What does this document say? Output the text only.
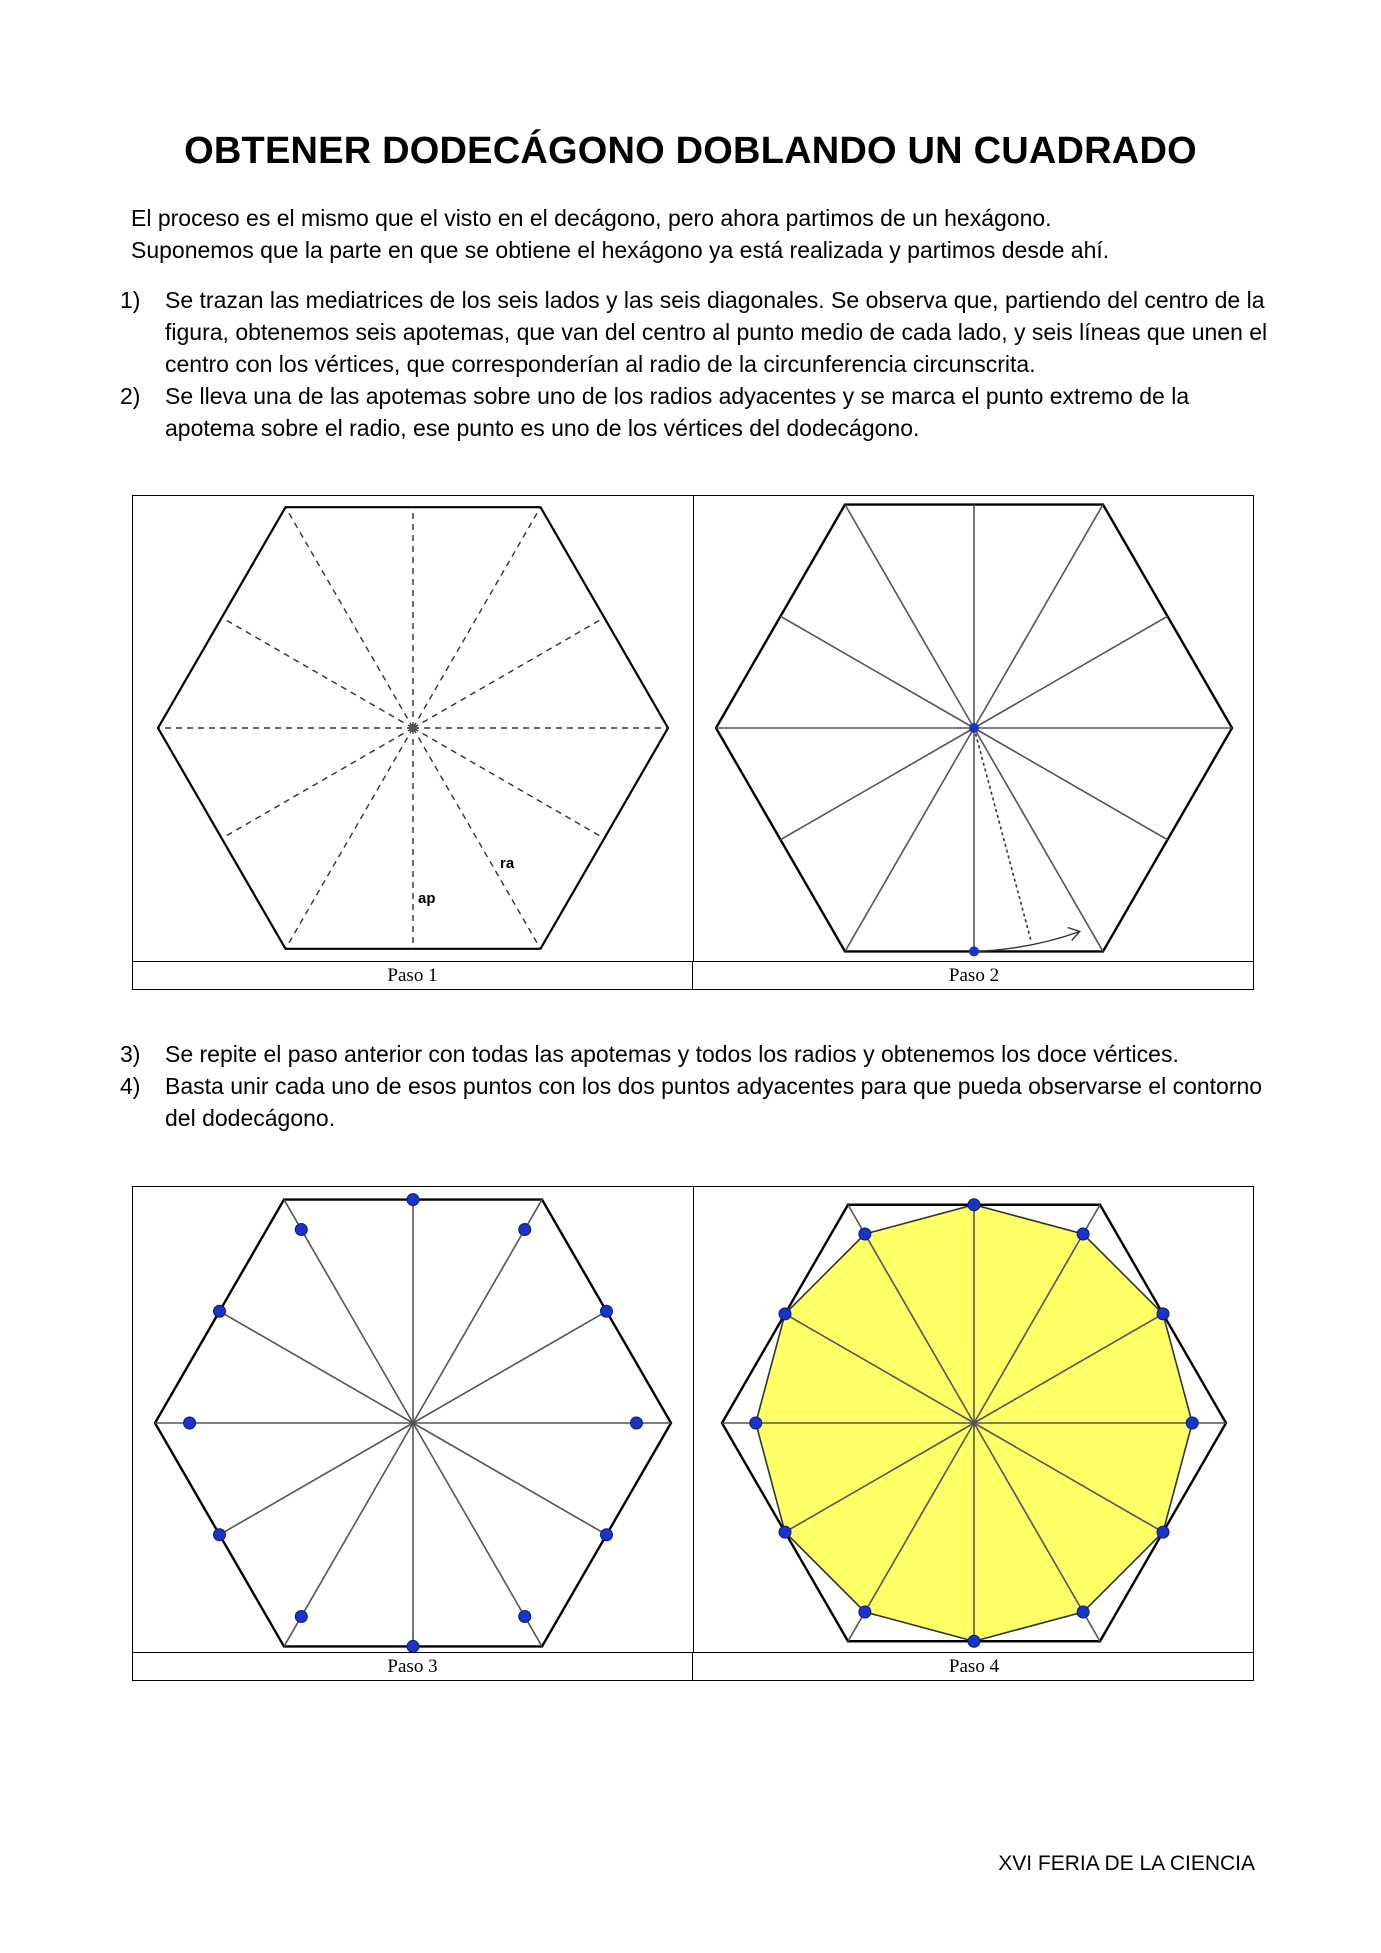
OBTENER DODECÁGONO DOBLANDO UN CUADRADO

El proceso es el mismo que el visto en el decágono, pero ahora partimos de un hexágono.

Suponemos que la parte en que se obtiene el hexágono ya está realizada y partimos desde ahí.

1) Se trazan las mediatrices de los seis lados y las seis diagonales. Se observa que, partiendo del centro de la figura, obtenemos seis apotemas, que van del centro al punto medio de cada lado, y seis líneas que unen el centro con los vértices, que corresponderían al radio de la circunferencia circunscrita.
2) Se lleva una de las apotemas sobre uno de los radios adyacentes y se marca el punto extremo de la apotema sobre el radio, ese punto es uno de los vértices del dodecágono.
ap
ra
Paso 1	Paso 2
3) Se repite el paso anterior con todas las apotemas y todos los radios y obtenemos los doce vértices.
4) Basta unir cada uno de esos puntos con los dos puntos adyacentes para que pueda observarse el contorno del dodecágono.
Paso 3	Paso 4
XVI FERIA DE LA CIENCIA
